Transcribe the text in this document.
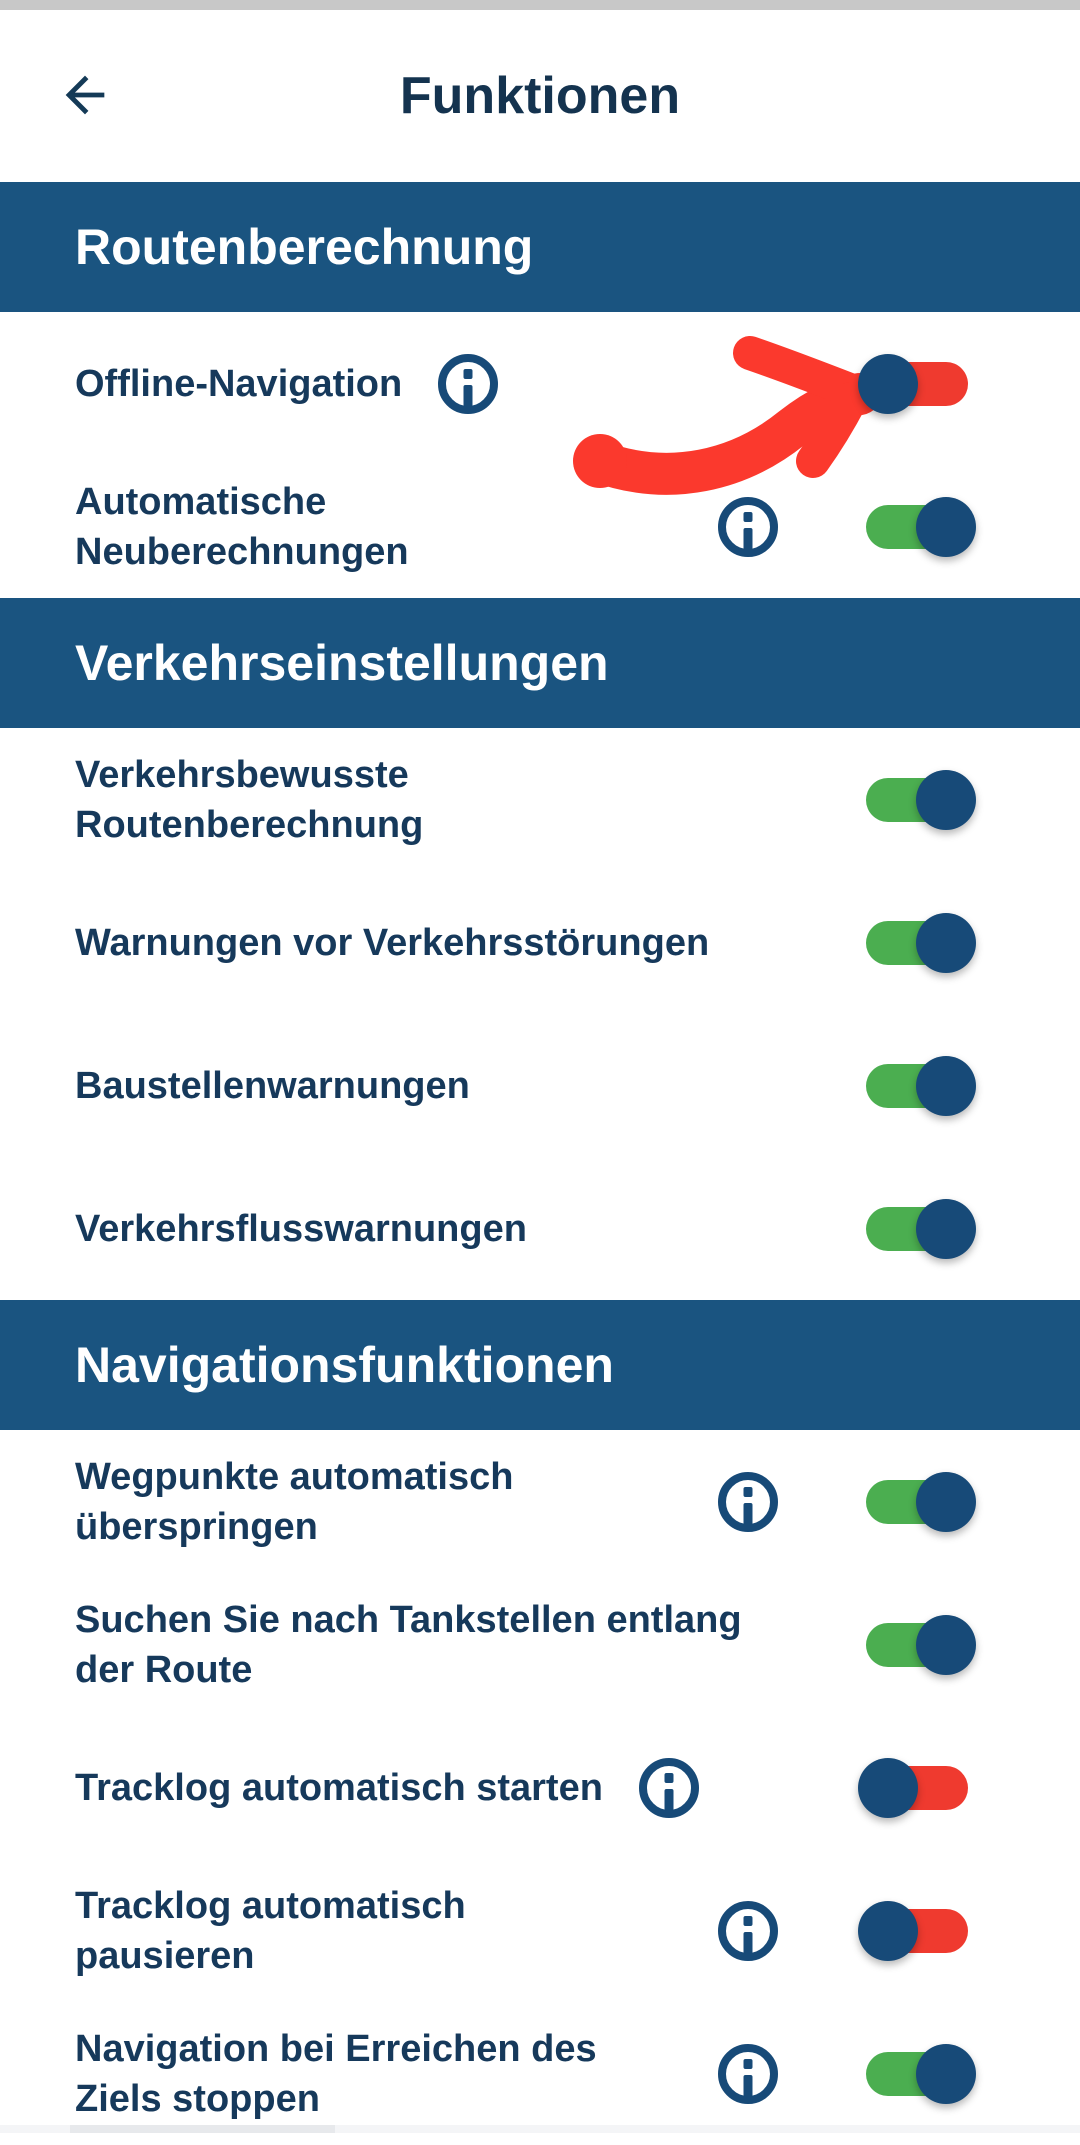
Funktionen
Routenberechnung
Offline-Navigation
Automatische
Neuberechnungen
Verkehrseinstellungen
Verkehrsbewusste
Routenberechnung
Warnungen vor Verkehrsstörungen
Baustellenwarnungen
Verkehrsflusswarnungen
Navigationsfunktionen
Wegpunkte automatisch
überspringen
Suchen Sie nach Tankstellen entlang
der Route
Tracklog automatisch starten
Tracklog automatisch
pausieren
Navigation bei Erreichen des
Ziels stoppen
